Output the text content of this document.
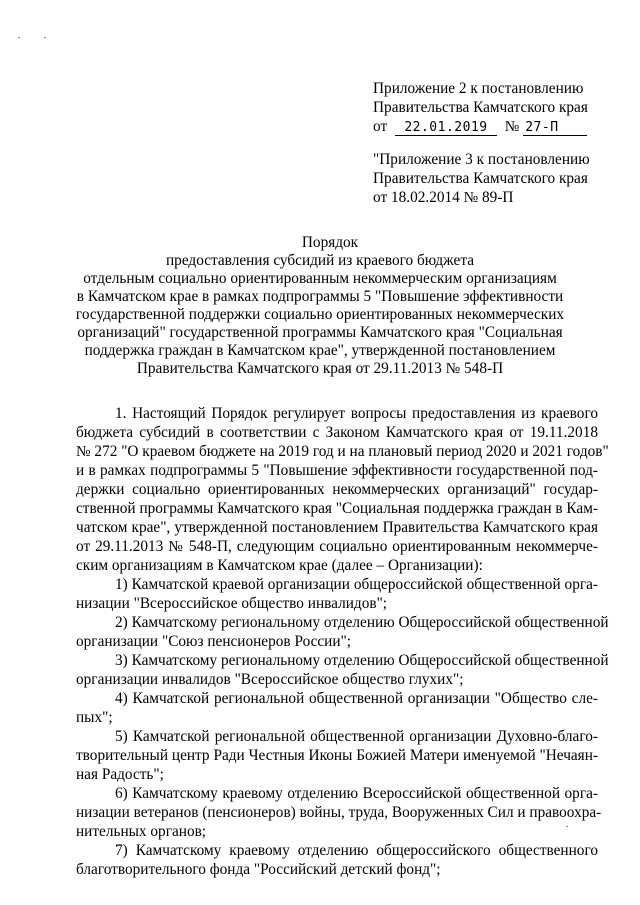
Приложение 2 к постановлению
Правительства Камчатского края
от 22.01.2019 № 27-П
"Приложение 3 к постановлению
Правительства Камчатского края
от 18.02.2014 № 89-П
Порядок
предоставления субсидий из краевого бюджета
отдельным социально ориентированным некоммерческим организациям
в Камчатском крае в рамках подпрограммы 5 "Повышение эффективности
государственной поддержки социально ориентированных некоммерческих
организаций" государственной программы Камчатского края "Социальная
поддержка граждан в Камчатском крае", утвержденной постановлением
Правительства Камчатского края от 29.11.2013 № 548-П
1. Настоящий Порядок регулирует вопросы предоставления из краевого
бюджета субсидий в соответствии с Законом Камчатского края от 19.11.2018
№ 272 "О краевом бюджете на 2019 год и на плановый период 2020 и 2021 годов"
и в рамках подпрограммы 5 "Повышение эффективности государственной под-
держки социально ориентированных некоммерческих организаций" государ-
ственной программы Камчатского края "Социальная поддержка граждан в Кам-
чатском крае", утвержденной постановлением Правительства Камчатского края
от 29.11.2013 № 548-П, следующим социально ориентированным некоммерче-
ским организациям в Камчатском крае (далее – Организации):
1) Камчатской краевой организации общероссийской общественной орга-
низации "Всероссийское общество инвалидов";
2) Камчатскому региональному отделению Общероссийской общественной
организации "Союз пенсионеров России";
3) Камчатскому региональному отделению Общероссийской общественной
организации инвалидов "Всероссийское общество глухих";
4) Камчатской региональной общественной организации "Общество сле-
пых";
5) Камчатской региональной общественной организации Духовно-благо-
творительный центр Ради Честныя Иконы Божией Матери именуемой "Нечаян-
ная Радость";
6) Камчатскому краевому отделению Всероссийской общественной орга-
низации ветеранов (пенсионеров) войны, труда, Вооруженных Сил и правоохра-
нительных органов;
7) Камчатскому краевому отделению общероссийского общественного
благотворительного фонда "Российский детский фонд";
